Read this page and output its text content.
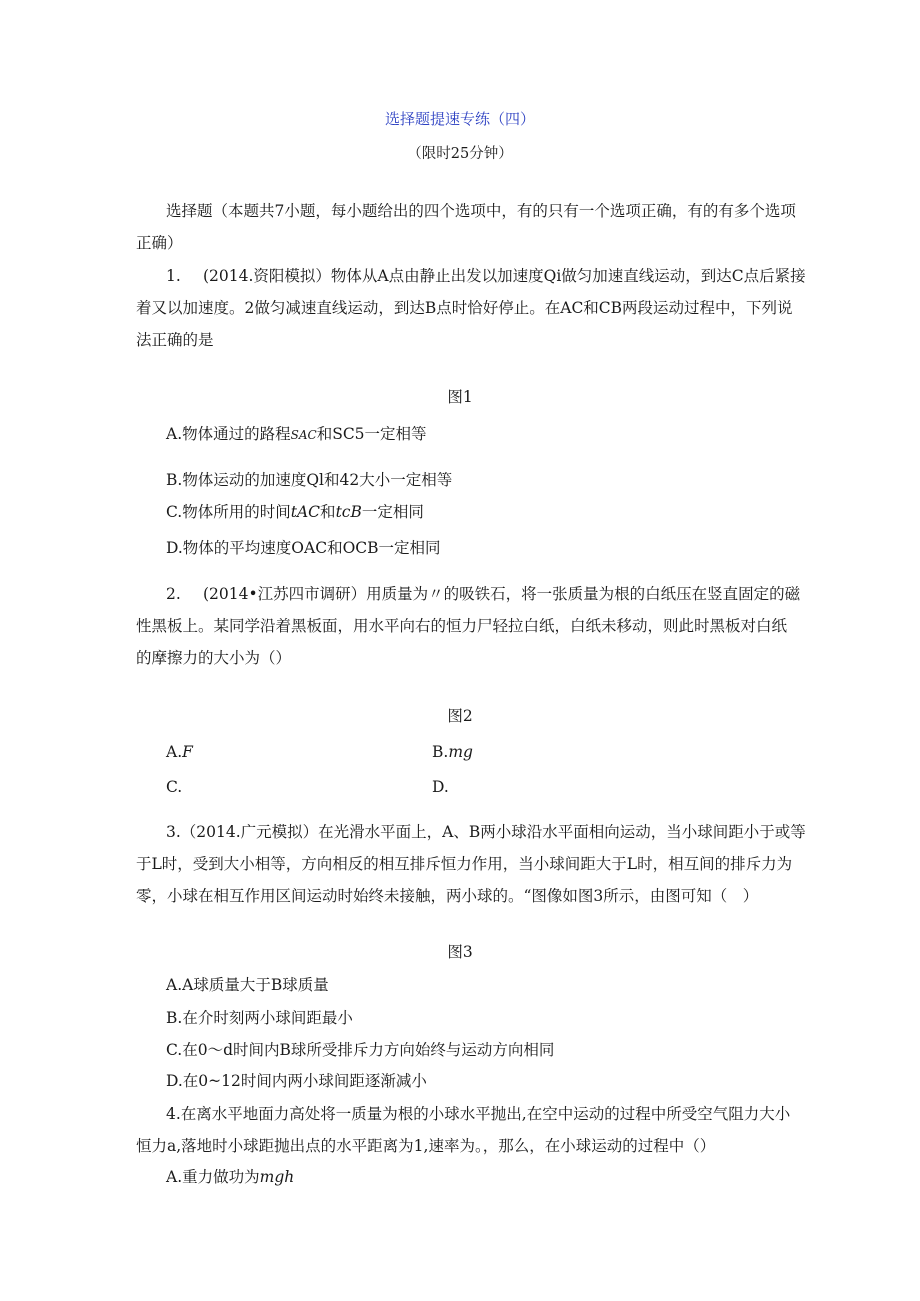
选择题提速专练（四）
（限时25分钟）
选择题（本题共7小题，每小题给出的四个选项中，有的只有一个选项正确，有的有多个选项
正确）
1. (2014.资阳模拟）物体从A点由静止出发以加速度Qi做匀加速直线运动，到达C点后紧接
着又以加速度。2做匀减速直线运动，到达B点时恰好停止。在AC和CB两段运动过程中，下列说
法正确的是
图1
A.物体通过的路程SAC和SC5一定相等
B.物体运动的加速度Ql和42大小一定相等
C.物体所用的时间tAC和tcB一定相同
D.物体的平均速度OAC和OCB一定相同
2. (2014•江苏四市调研）用质量为〃的吸铁石，将一张质量为根的白纸压在竖直固定的磁
性黑板上。某同学沿着黑板面，用水平向右的恒力尸轻拉白纸，白纸未移动，则此时黑板对白纸
的摩擦力的大小为（）
图2
A.F	B.mg
C.	D.
3.（2014.广元模拟）在光滑水平面上，A、B两小球沿水平面相向运动，当小球间距小于或等
于L时，受到大小相等，方向相反的相互排斥恒力作用，当小球间距大于L时，相互间的排斥力为
零，小球在相互作用区间运动时始终未接触，两小球的。“图像如图3所示，由图可知（　）
图3
A.A球质量大于B球质量
B.在介时刻两小球间距最小
C.在0～d时间内B球所受排斥力方向始终与运动方向相同
D.在0~12时间内两小球间距逐渐减小
4.在离水平地面力高处将一质量为根的小球水平抛出,在空中运动的过程中所受空气阻力大小
恒力a,落地时小球距抛出点的水平距离为1,速率为。，那么，在小球运动的过程中（）
A.重力做功为mgh
